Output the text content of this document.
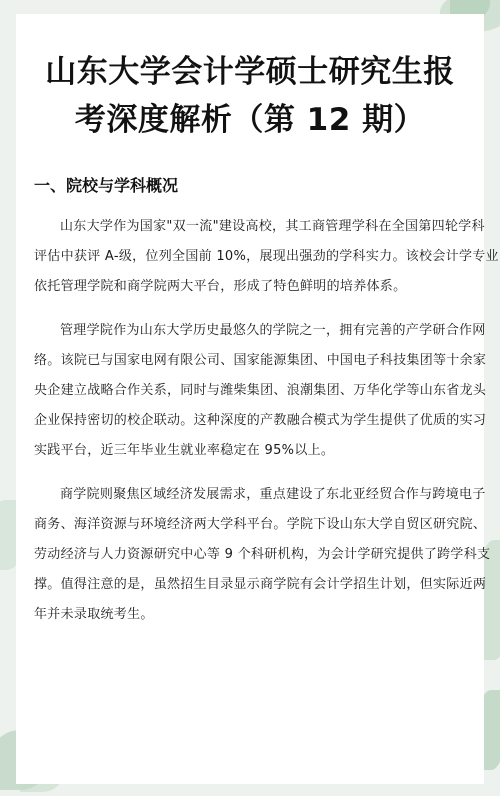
山东大学会计学硕士研究生报
考深度解析（第 12 期）
一、院校与学科概况

山东大学作为国家"双一流"建设高校，其工商管理学科在全国第四轮学科
评估中获评 A-级，位列全国前 10%，展现出强劲的学科实力。该校会计学专业
依托管理学院和商学院两大平台，形成了特色鲜明的培养体系。

管理学院作为山东大学历史最悠久的学院之一，拥有完善的产学研合作网
络。该院已与国家电网有限公司、国家能源集团、中国电子科技集团等十余家
央企建立战略合作关系，同时与潍柴集团、浪潮集团、万华化学等山东省龙头
企业保持密切的校企联动。这种深度的产教融合模式为学生提供了优质的实习
实践平台，近三年毕业生就业率稳定在 95%以上。

商学院则聚焦区域经济发展需求，重点建设了东北亚经贸合作与跨境电子
商务、海洋资源与环境经济两大学科平台。学院下设山东大学自贸区研究院、
劳动经济与人力资源研究中心等 9 个科研机构，为会计学研究提供了跨学科支
撑。值得注意的是，虽然招生目录显示商学院有会计学招生计划，但实际近两
年并未录取统考生。
